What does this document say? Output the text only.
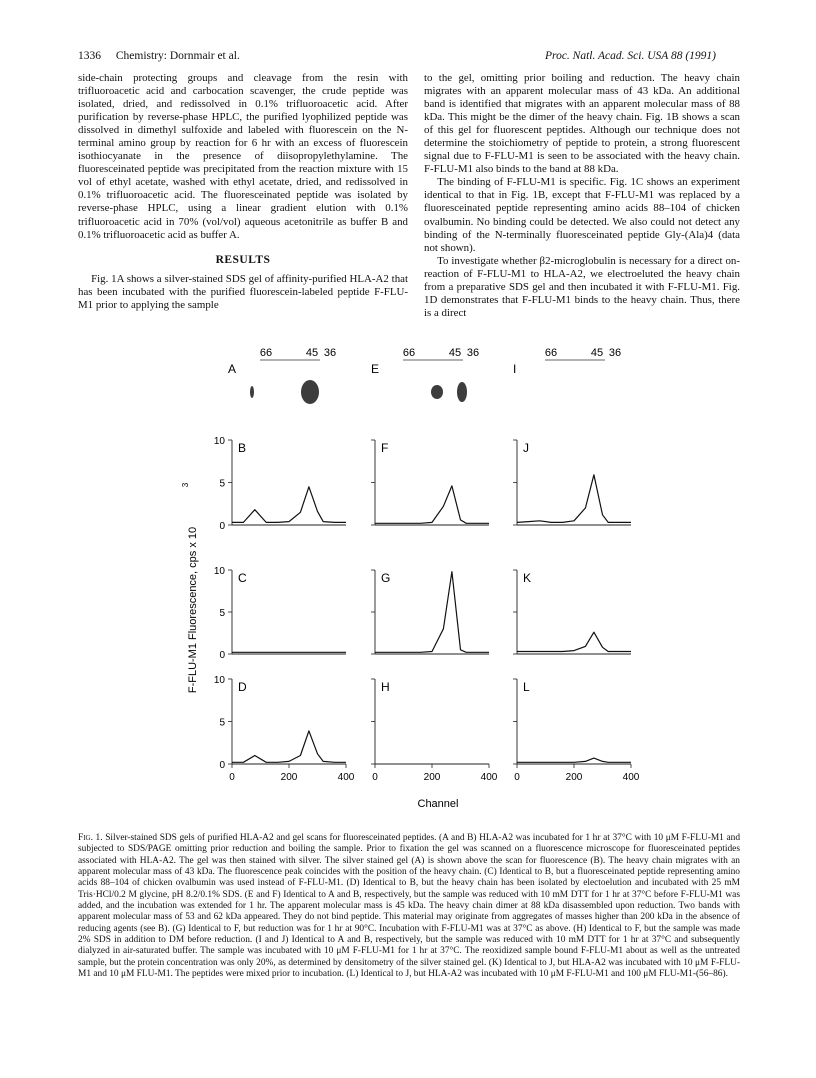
1336 Chemistry: Dornmair et al.	Proc. Natl. Acad. Sci. USA 88 (1991)

side-chain protecting groups and cleavage from the resin with trifluoroacetic acid and carbocation scavenger, the crude peptide was isolated, dried, and redissolved in 0.1% trifluoroacetic acid. After purification by reverse-phase HPLC, the purified lyophilized peptide was dissolved in dimethyl sulfoxide and labeled with fluorescein on the N-terminal amino group by reaction for 6 hr with an excess of fluorescein isothiocyanate in the presence of diisopropylethylamine. The fluoresceinated peptide was precipitated from the reaction mixture with 15 vol of ethyl acetate, washed with ethyl acetate, dried, and redissolved in 0.1% trifluoroacetic acid. The fluoresceinated peptide was isolated by reverse-phase HPLC, using a linear gradient elution with 0.1% trifluoroacetic acid in 70% (vol/vol) aqueous acetonitrile as buffer B and 0.1% trifluoroacetic acid as buffer A.

RESULTS

Fig. 1A shows a silver-stained SDS gel of affinity-purified HLA-A2 that has been incubated with the purified fluorescein-labeled peptide F-FLU-M1 prior to applying the sample

to the gel, omitting prior boiling and reduction. The heavy chain migrates with an apparent molecular mass of 43 kDa. An additional band is identified that migrates with an apparent molecular mass of 88 kDa. This might be the dimer of the heavy chain. Fig. 1B shows a scan of this gel for fluorescent peptides. Although our technique does not determine the stoichiometry of peptide to protein, a strong fluorescent signal due to F-FLU-M1 is seen to be associated with the heavy chain. F-FLU-M1 also binds to the band at 88 kDa.

The binding of F-FLU-M1 is specific. Fig. 1C shows an experiment identical to that in Fig. 1B, except that F-FLU-M1 was replaced by a fluoresceinated peptide representing amino acids 88–104 of chicken ovalbumin. No binding could be detected. We also could not detect any binding of the N-terminally fluoresceinated peptide Gly-(Ala)4 (data not shown).

To investigate whether β2-microglobulin is necessary for a direct on-reaction of F-FLU-M1 to HLA-A2, we electroeluted the heavy chain from a preparative SDS gel and then incubated it with F-FLU-M1. Fig. 1D demonstrates that F-FLU-M1 binds to the heavy chain. Thus, there is a direct

66	45 36
A
66	45 36
E
66	45 36
I
0
5
10 B
0
5
10 C
0
5
10 D
0	200	400
F
G
H
0	200	400
J
K
L
0	200	400
F-FLU-M1 Fluorescence, cps x 10
3
Channel

Fig. 1. Silver-stained SDS gels of purified HLA-A2 and gel scans for fluoresceinated peptides. (A and B) HLA-A2 was incubated for 1 hr at 37°C with 10 μM F-FLU-M1 and subjected to SDS/PAGE omitting prior reduction and boiling the sample. Prior to fixation the gel was scanned on a fluorescence microscope for fluoresceinated peptides associated with HLA-A2. The gel was then stained with silver. The silver stained gel (A) is shown above the scan for fluorescence (B). The heavy chain migrates with an apparent molecular mass of 43 kDa. The fluorescence peak coincides with the position of the heavy chain. (C) Identical to B, but a fluoresceinated peptide representing amino acids 88–104 of chicken ovalbumin was used instead of F-FLU-M1. (D) Identical to B, but the heavy chain has been isolated by electoelution and incubated with 25 mM Tris·HCl/0.2 M glycine, pH 8.2/0.1% SDS. (E and F) Identical to A and B, respectively, but the sample was reduced with 10 mM DTT for 1 hr at 37°C before F-FLU-M1 was added, and the incubation was extended for 1 hr. The apparent molecular mass is 45 kDa. The heavy chain dimer at 88 kDa disassembled upon reduction. Two bands with apparent molecular mass of 53 and 62 kDa appeared. They do not bind peptide. This material may originate from aggregates of masses higher than 200 kDa in the absence of reducing agents (see B). (G) Identical to F, but reduction was for 1 hr at 90°C. Incubation with F-FLU-M1 was at 37°C as above. (H) Identical to F, but the sample was made 2% SDS in addition to DM before reduction. (I and J) Identical to A and B, respectively, but the sample was reduced with 10 mM DTT for 1 hr at 37°C and subsequently dialyzed in air-saturated buffer. The sample was incubated with 10 μM F-FLU-M1 for 1 hr at 37°C. The reoxidized sample bound F-FLU-M1 about as well as the untreated sample, but the protein concentration was only 20%, as determined by densitometry of the silver stained gel. (K) Identical to J, but HLA-A2 was incubated with 10 μM F-FLU-M1 and 10 μM FLU-M1. The peptides were mixed prior to incubation. (L) Identical to J, but HLA-A2 was incubated with 10 μM F-FLU-M1 and 100 μM FLU-M1-(56–86).
